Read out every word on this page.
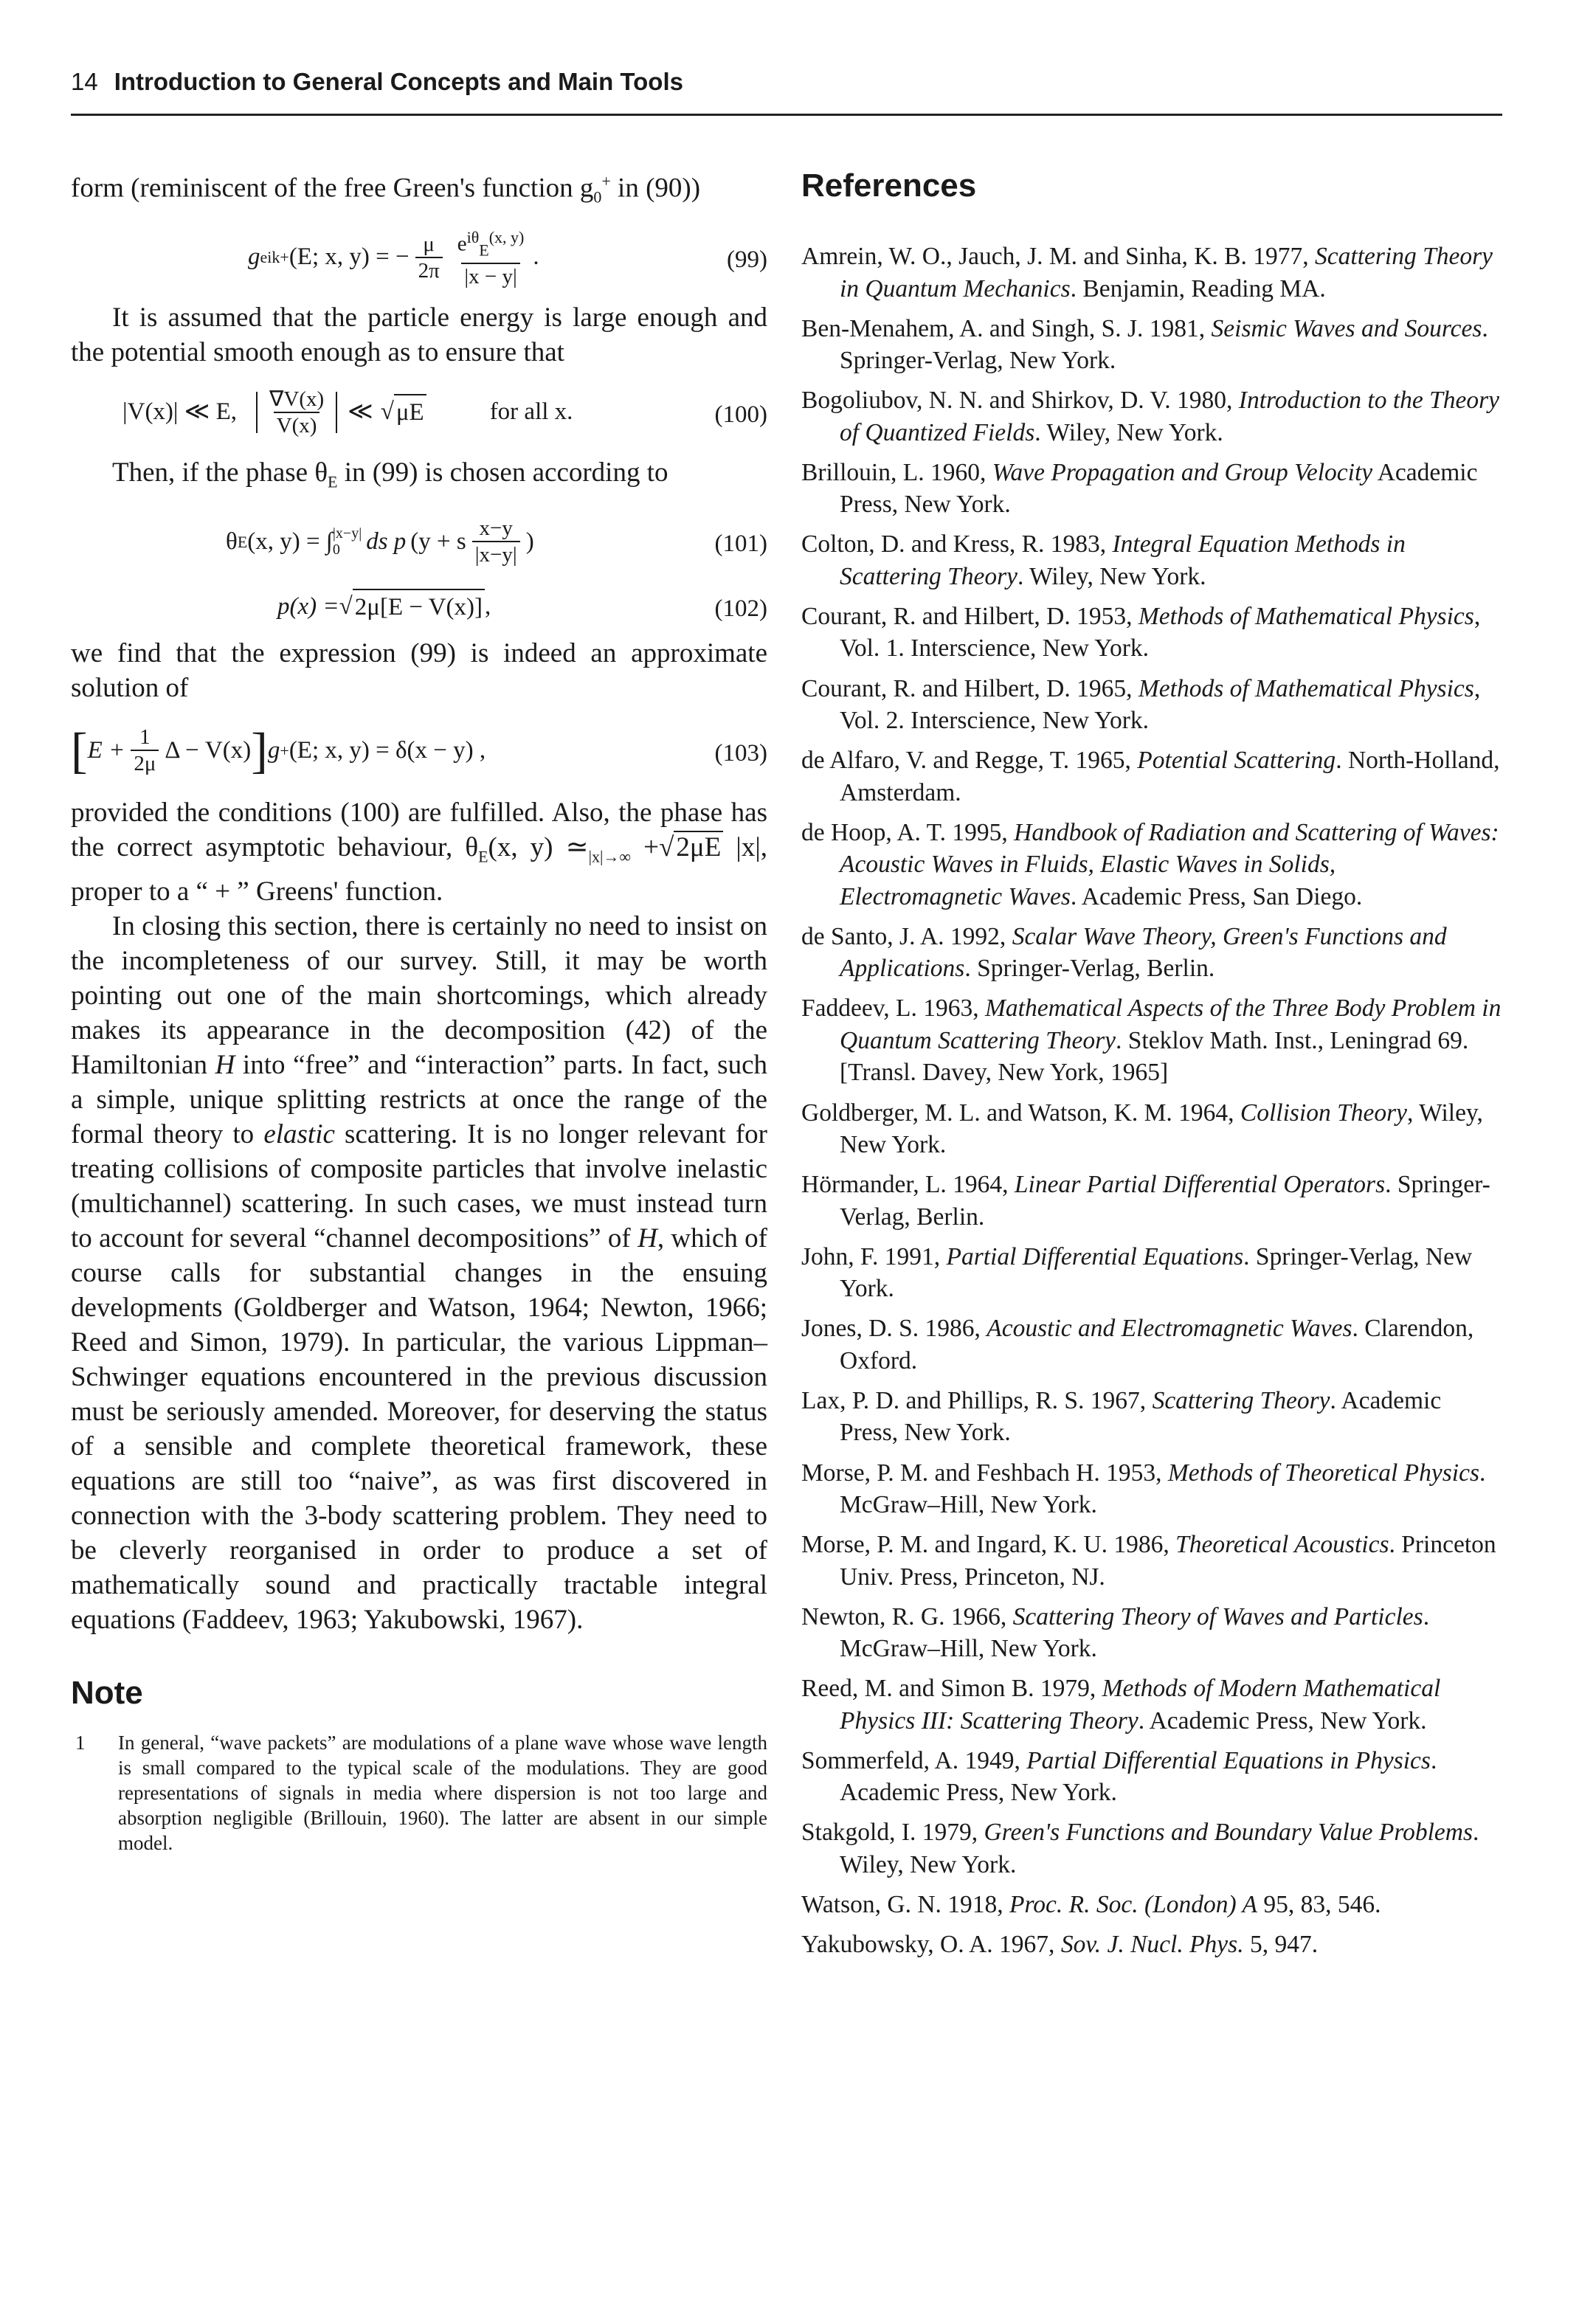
14 Introduction to General Concepts and Main Tools

form (reminiscent of the free Green's function $g_0^+$ in (90))

g eik + (E; x, y) = − $\frac{\mu}{2\pi} \frac{e^{i\theta}_E^{(x, y)}}{|x - y|}$ .	(99)

It is assumed that the particle energy is large enough and the potential smooth enough as to ensure that

|V(x)| ≪ E, $\frac{\nabla V(x)}{V(x)}$ ≪ √ μE	for all x.	(100)

Then, if the phase $\theta_E$ in (99) is chosen according to

θ E (x, y) = ∫ |x−y|
0	ds p (y + s $\frac{x-y}{|x-y|}$ )	(101)
p(x) = √ 2μ[E − V(x)] ,	(102)

we find that the expression (99) is indeed an approximate solution of

[ $E + \frac{1}{2\mu}$ Δ − V(x) ] g + (E; x, y) = δ(x − y) ,	(103)

provided the conditions (100) are fulfilled. Also, the phase has the correct asymptotic behaviour, $\theta_E(x$, y) $≃_{|x|\to\infty} +√2\mu E$ |x|, proper to a “ + ” Greens' function.

In closing this section, there is certainly no need to insist on the incompleteness of our survey. Still, it may be worth pointing out one of the main shortcomings, which already makes its appearance in the decomposition (42) of the Hamiltonian H into “free” and “interaction” parts. In fact, such a simple, unique splitting restricts at once the range of the formal theory to elastic scattering. It is no longer relevant for treating collisions of composite particles that involve inelastic (multichannel) scattering. In such cases, we must instead turn to account for several “channel decompositions” of H, which of course calls for substantial changes in the ensuing developments (Goldberger and Watson, 1964; Newton, 1966; Reed and Simon, 1979). In particular, the various Lippman–Schwinger equations encountered in the previous discussion must be seriously amended. Moreover, for deserving the status of a sensible and complete theoretical framework, these equations are still too “naive”, as was first discovered in connection with the 3-body scattering problem. They need to be cleverly reorganised in order to produce a set of mathematically sound and practically tractable integral equations (Faddeev, 1963; Yakubowski, 1967).

Note
1	In general, “wave packets” are modulations of a plane wave whose wave length is small compared to the typical scale of the modulations. They are good representations of signals in media where dispersion is not too large and absorption negligible (Brillouin, 1960). The latter are absent in our simple model.
References

Amrein, W. O., Jauch, J. M. and Sinha, K. B. 1977, Scattering Theory in Quantum Mechanics. Benjamin, Reading MA.

Ben-Menahem, A. and Singh, S. J. 1981, Seismic Waves and Sources. Springer-Verlag, New York.

Bogoliubov, N. N. and Shirkov, D. V. 1980, Introduction to the Theory of Quantized Fields. Wiley, New York.

Brillouin, L. 1960, Wave Propagation and Group Velocity Academic Press, New York.

Colton, D. and Kress, R. 1983, Integral Equation Methods in Scattering Theory. Wiley, New York.

Courant, R. and Hilbert, D. 1953, Methods of Mathematical Physics, Vol. 1. Interscience, New York.

Courant, R. and Hilbert, D. 1965, Methods of Mathematical Physics, Vol. 2. Interscience, New York.

de Alfaro, V. and Regge, T. 1965, Potential Scattering. North-Holland, Amsterdam.

de Hoop, A. T. 1995, Handbook of Radiation and Scattering of Waves: Acoustic Waves in Fluids, Elastic Waves in Solids, Electromagnetic Waves. Academic Press, San Diego.

de Santo, J. A. 1992, Scalar Wave Theory, Green's Functions and Applications. Springer-Verlag, Berlin.

Faddeev, L. 1963, Mathematical Aspects of the Three Body Problem in Quantum Scattering Theory. Steklov Math. Inst., Leningrad 69. [Transl. Davey, New York, 1965]

Goldberger, M. L. and Watson, K. M. 1964, Collision Theory, Wiley, New York.

Hörmander, L. 1964, Linear Partial Differential Operators. Springer-Verlag, Berlin.

John, F. 1991, Partial Differential Equations. Springer-Verlag, New York.

Jones, D. S. 1986, Acoustic and Electromagnetic Waves. Clarendon, Oxford.

Lax, P. D. and Phillips, R. S. 1967, Scattering Theory. Academic Press, New York.

Morse, P. M. and Feshbach H. 1953, Methods of Theoretical Physics. McGraw–Hill, New York.

Morse, P. M. and Ingard, K. U. 1986, Theoretical Acoustics. Princeton Univ. Press, Princeton, NJ.

Newton, R. G. 1966, Scattering Theory of Waves and Particles. McGraw–Hill, New York.

Reed, M. and Simon B. 1979, Methods of Modern Mathematical Physics III: Scattering Theory. Academic Press, New York.

Sommerfeld, A. 1949, Partial Differential Equations in Physics. Academic Press, New York.

Stakgold, I. 1979, Green's Functions and Boundary Value Problems. Wiley, New York.

Watson, G. N. 1918, Proc. R. Soc. (London) A 95, 83, 546.

Yakubowsky, O. A. 1967, Sov. J. Nucl. Phys. 5, 947.
